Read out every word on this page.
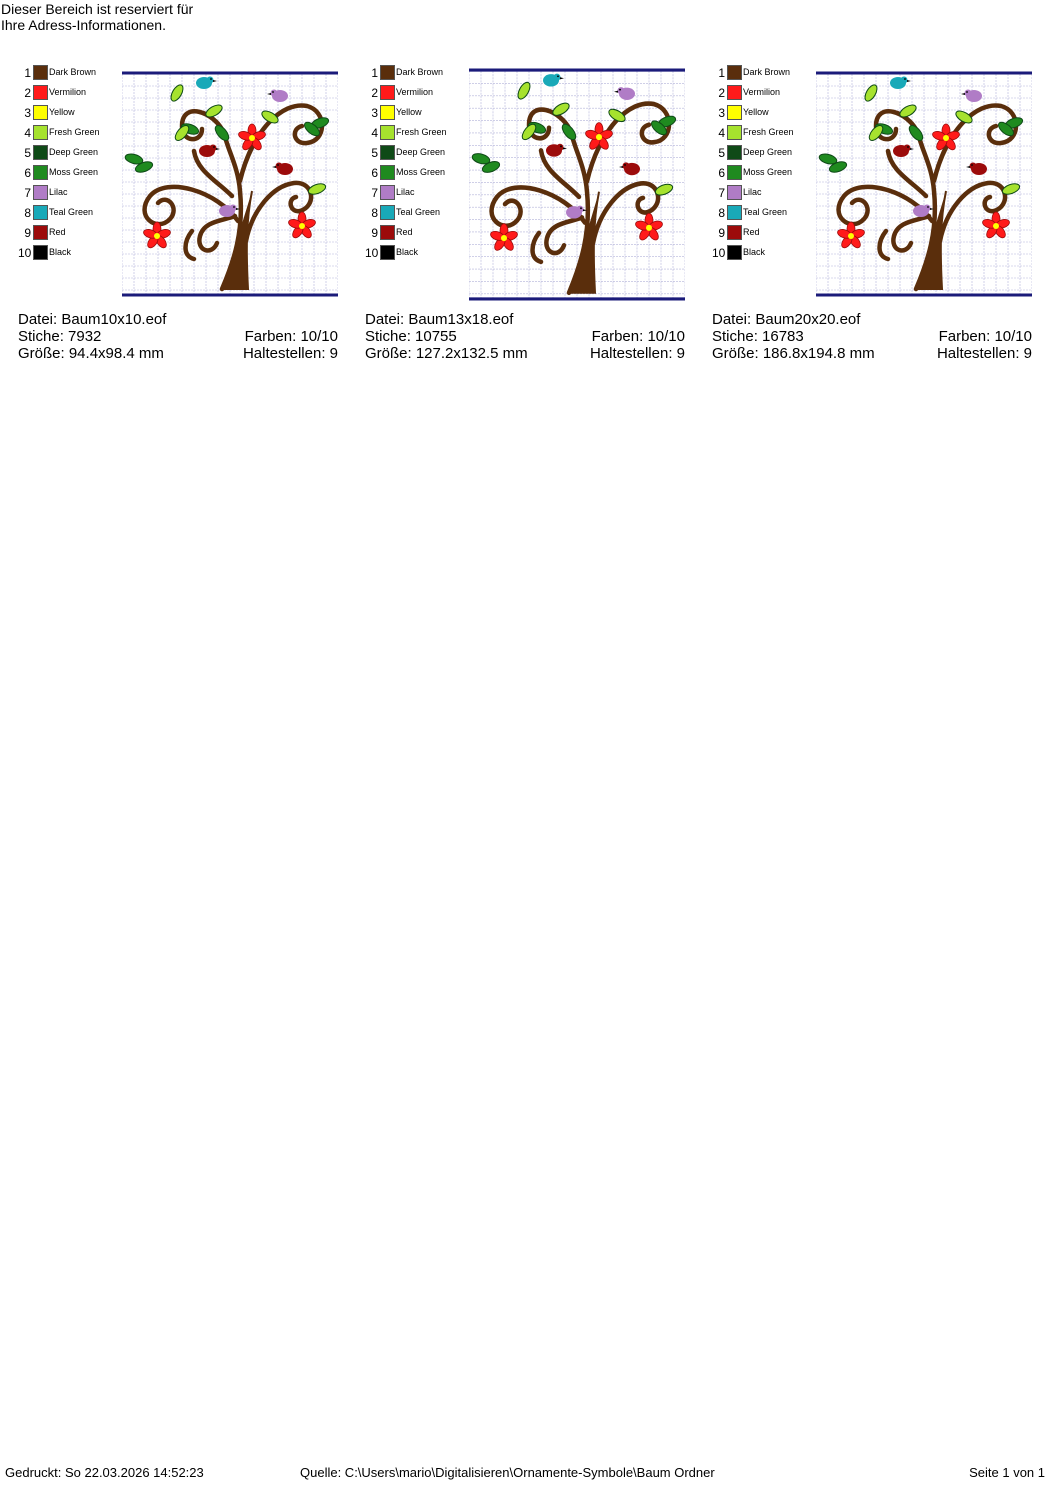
Dieser Bereich ist reserviert für
Ihre Adress-Informationen.
1 Dark Brown
2 Vermilion
3 Yellow
4 Fresh Green
5 Deep Green
6 Moss Green
7 Lilac
8 Teal Green
9 Red
10 Black
Datei: Baum10x10.eof
Stiche: 7932	Farben: 10/10
Größe: 94.4x98.4 mm	Haltestellen: 9
1 Dark Brown
2 Vermilion
3 Yellow
4 Fresh Green
5 Deep Green
6 Moss Green
7 Lilac
8 Teal Green
9 Red
10 Black
Datei: Baum13x18.eof
Stiche: 10755	Farben: 10/10
Größe: 127.2x132.5 mm	Haltestellen: 9
1 Dark Brown
2 Vermilion
3 Yellow
4 Fresh Green
5 Deep Green
6 Moss Green
7 Lilac
8 Teal Green
9 Red
10 Black
Datei: Baum20x20.eof
Stiche: 16783	Farben: 10/10
Größe: 186.8x194.8 mm	Haltestellen: 9
Gedruckt: So 22.03.2026 14:52:23	Quelle: C:\Users\mario\Digitalisieren\Ornamente-Symbole\Baum Ordner	Seite 1 von 1
